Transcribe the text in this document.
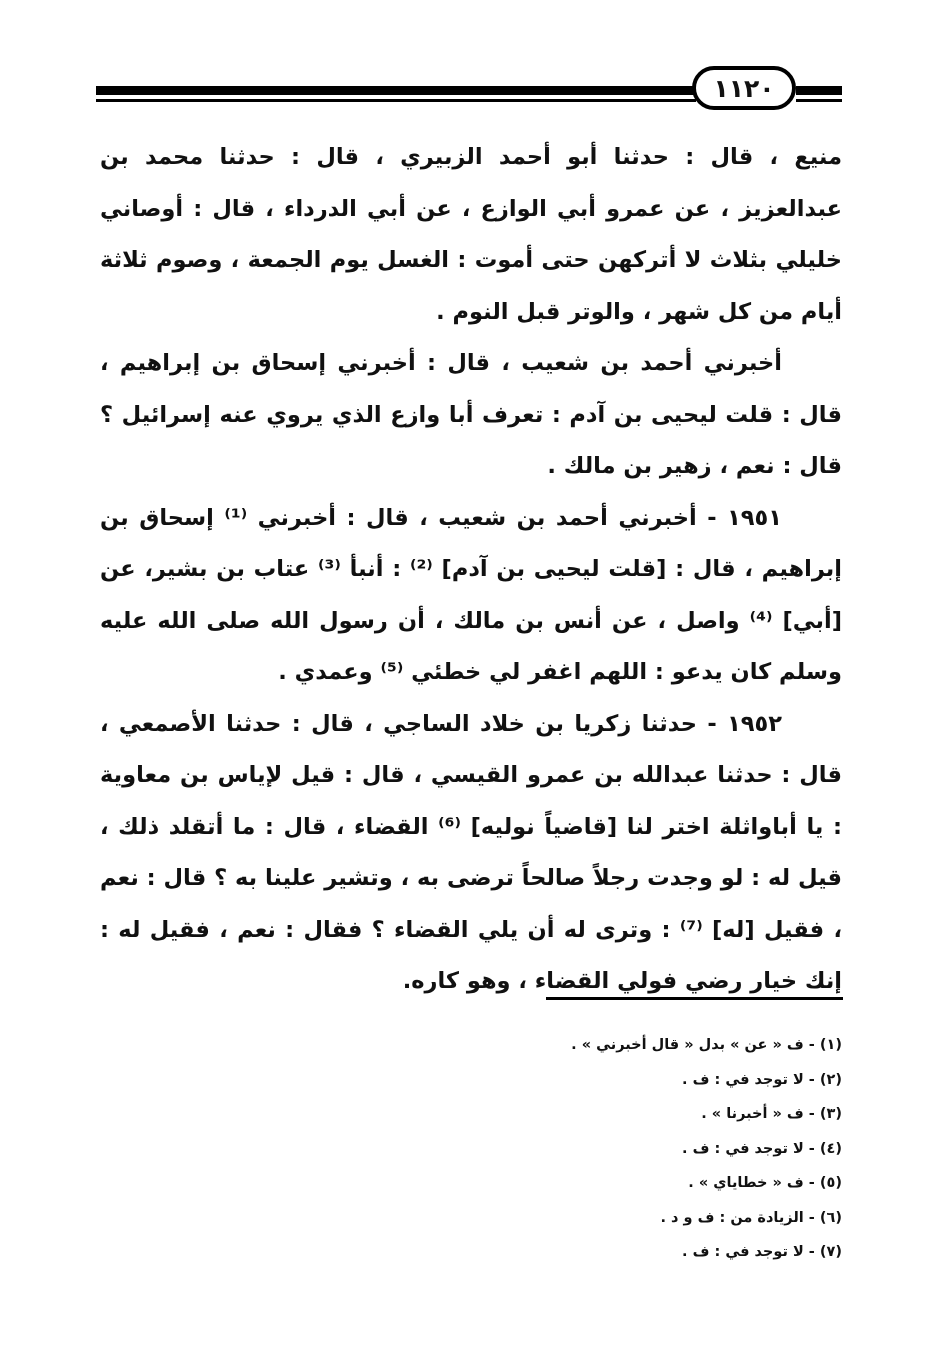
١١٢٠

منيع ، قال : حدثنا أبو أحمد الزبيري ، قال : حدثنا محمد بن عبدالعزيز ، عن عمرو أبي الوازع ، عن أبي الدرداء ، قال : أوصاني خليلي بثلاث لا أتركهن حتى أموت : الغسل يوم الجمعة ، وصوم ثلاثة أيام من كل شهر ، والوتر قبل النوم .

أخبرني أحمد بن شعيب ، قال : أخبرني إسحاق بن إبراهيم ، قال : قلت ليحيى بن آدم : تعرف أبا وازع الذي يروي عنه إسرائيل ؟ قال : نعم ، زهير بن مالك .

١٩٥١ - أخبرني أحمد بن شعيب ، قال : أخبرني ⁽¹⁾ إسحاق بن إبراهيم ، قال : [قلت ليحيى بن آدم] ⁽²⁾ : أنبأ ⁽³⁾ عتاب بن بشير، عن [أبي] ⁽⁴⁾ واصل ، عن أنس بن مالك ، أن رسول الله صلى الله عليه وسلم كان يدعو : اللهم اغفر لي خطئي ⁽⁵⁾ وعمدي .

١٩٥٢ - حدثنا زكريا بن خلاد الساجي ، قال : حدثنا الأصمعي ، قال : حدثنا عبدالله بن عمرو القيسي ، قال : قيل لإياس بن معاوية : يا أباواثلة اختر لنا [قاضياً نوليه] ⁽⁶⁾ القضاء ، قال : ما أتقلد ذلك ، قيل له : لو وجدت رجلاً صالحاً ترضى به ، وتشير علينا به ؟ قال : نعم ، فقيل [له] ⁽⁷⁾ : وترى له أن يلي القضاء ؟ فقال : نعم ، فقيل له : إنك خيار رضي فولي القضاء ، وهو كاره.

(١) - ف « عن » بدل « قال أخبرني » .

(٢) - لا توجد في : ف .

(٣) - ف « أخبرنا » .

(٤) - لا توجد في : ف .

(٥) - ف « خطاياي » .

(٦) - الزيادة من : ف و د .

(٧) - لا توجد في : ف .
